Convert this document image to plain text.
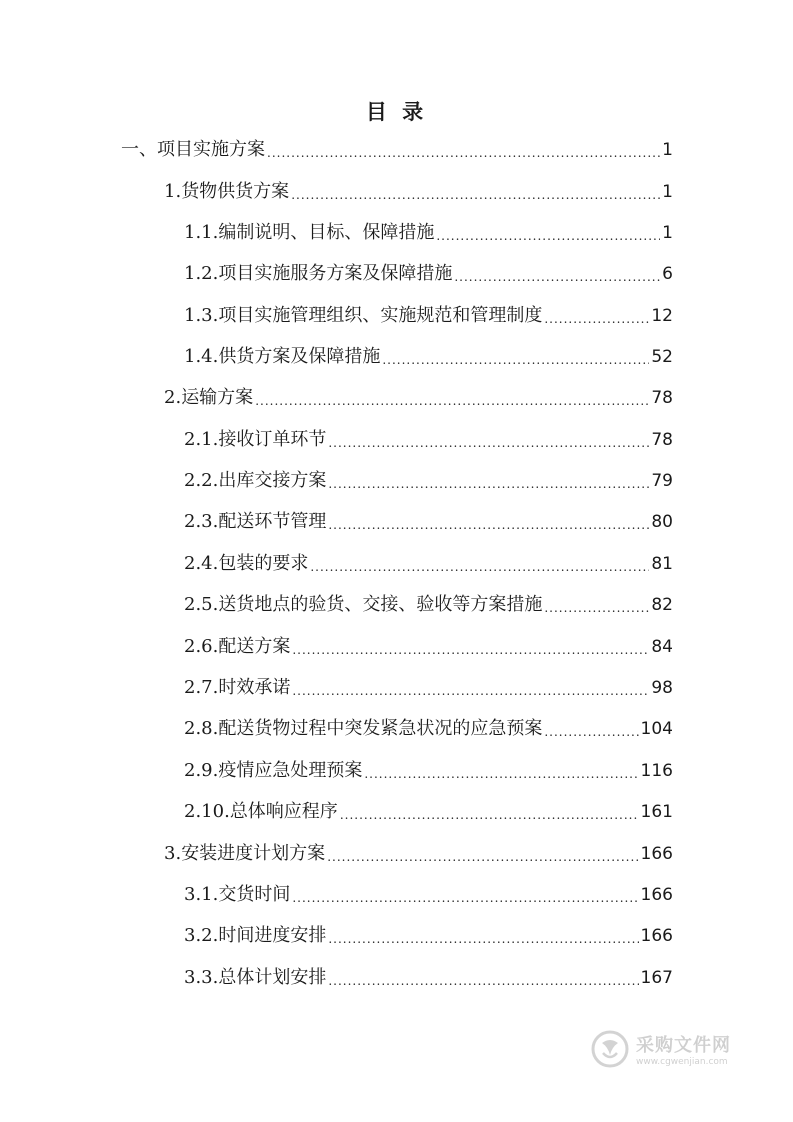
目 录
一、 项目实施方案 .....	1
1. 货物供货方案 .....	1
1.1. 编制说明、目标、保障措施 .....	1
1.2. 项目实施服务方案及保障措施 .....	6
1.3. 项目实施管理组织、实施规范和管理制度 .....	12
1.4. 供货方案及保障措施 .....	52
2. 运输方案 .....	78
2.1. 接收订单环节 .....	78
2.2. 出库交接方案 .....	79
2.3. 配送环节管理 .....	80
2.4. 包装的要求 .....	81
2.5. 送货地点的验货、交接、验收等方案措施 .....	82
2.6. 配送方案 .....	84
2.7. 时效承诺 .....	98
2.8. 配送货物过程中突发紧急状况的应急预案 .....	104
2.9. 疫情应急处理预案 .....	116
2.10. 总体响应程序 .....	161
3. 安装进度计划方案 .....	166
3.1. 交货时间 .....	166
3.2. 时间进度安排 .....	166
3.3. 总体计划安排 .....	167
采购文件网
www.cgwenjian.com
